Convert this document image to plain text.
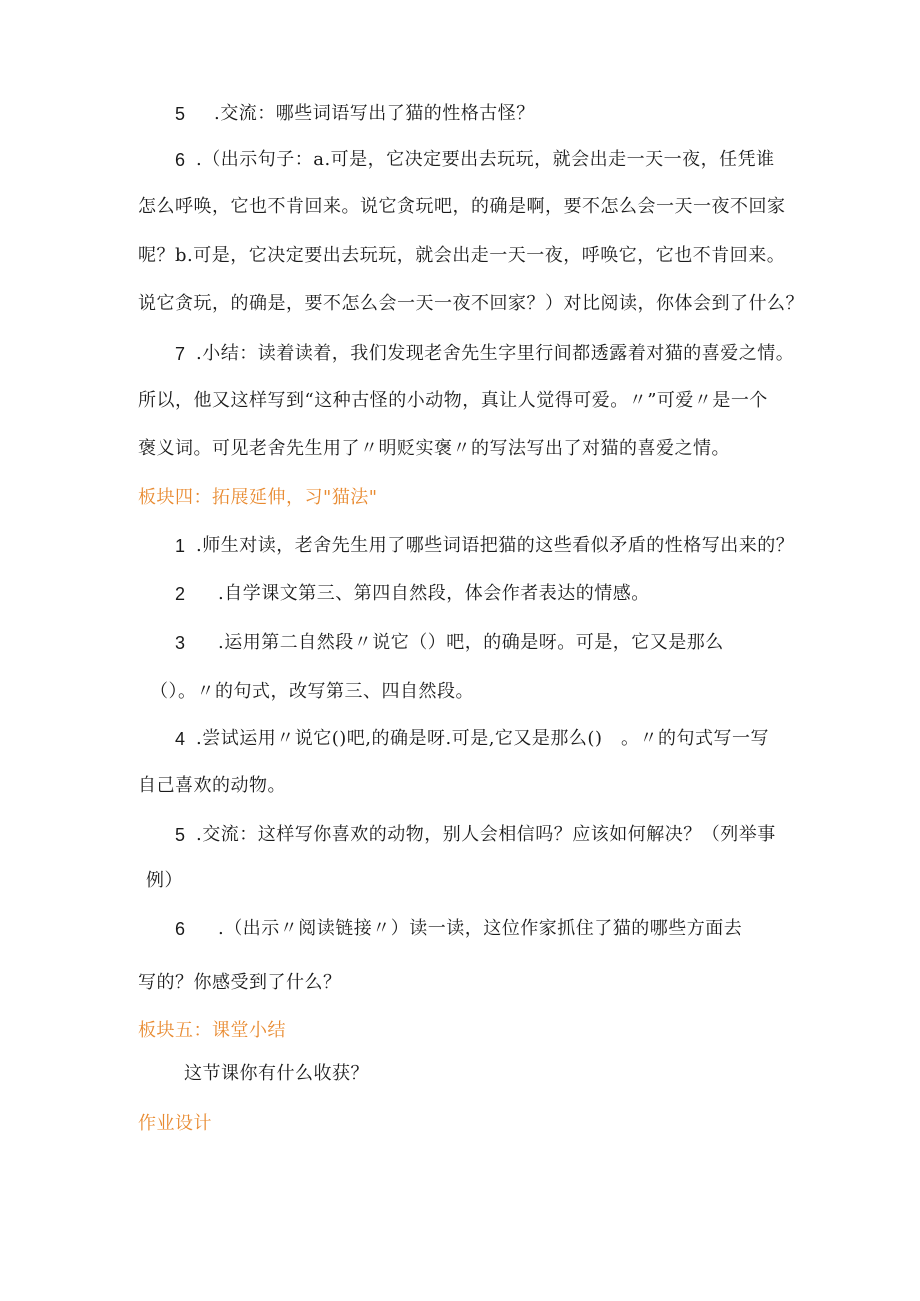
5 .交流：哪些词语写出了猫的性格古怪？
6 .（出示句子：a.可是，它决定要出去玩玩，就会出走一天一夜，任凭谁
怎么呼唤，它也不肯回来。说它贪玩吧，的确是啊，要不怎么会一天一夜不回家
呢？b.可是，它决定要出去玩玩，就会出走一天一夜，呼唤它，它也不肯回来。
说它贪玩，的确是，要不怎么会一天一夜不回家？）对比阅读，你体会到了什么？
7 .小结：读着读着，我们发现老舍先生字里行间都透露着对猫的喜爱之情。
所以，他又这样写到“这种古怪的小动物，真让人觉得可爱。〃”可爱〃是一个
褒义词。可见老舍先生用了〃明贬实褒〃的写法写出了对猫的喜爱之情。
板块四：拓展延伸，习"猫法"
1 .师生对读，老舍先生用了哪些词语把猫的这些看似矛盾的性格写出来的？
2 .自学课文第三、第四自然段，体会作者表达的情感。
3 .运用第二自然段〃说它（）吧，的确是呀。可是，它又是那么
（）。〃的句式，改写第三、四自然段。
4 .尝试运用〃说它()吧,的确是呀.可是,它又是那么()　。〃的句式写一写
自己喜欢的动物。
5 .交流：这样写你喜欢的动物，别人会相信吗？应该如何解决？（列举事
例）
6 .（出示〃阅读链接〃）读一读，这位作家抓住了猫的哪些方面去
写的？你感受到了什么？
板块五：课堂小结
这节课你有什么收获？
作业设计
